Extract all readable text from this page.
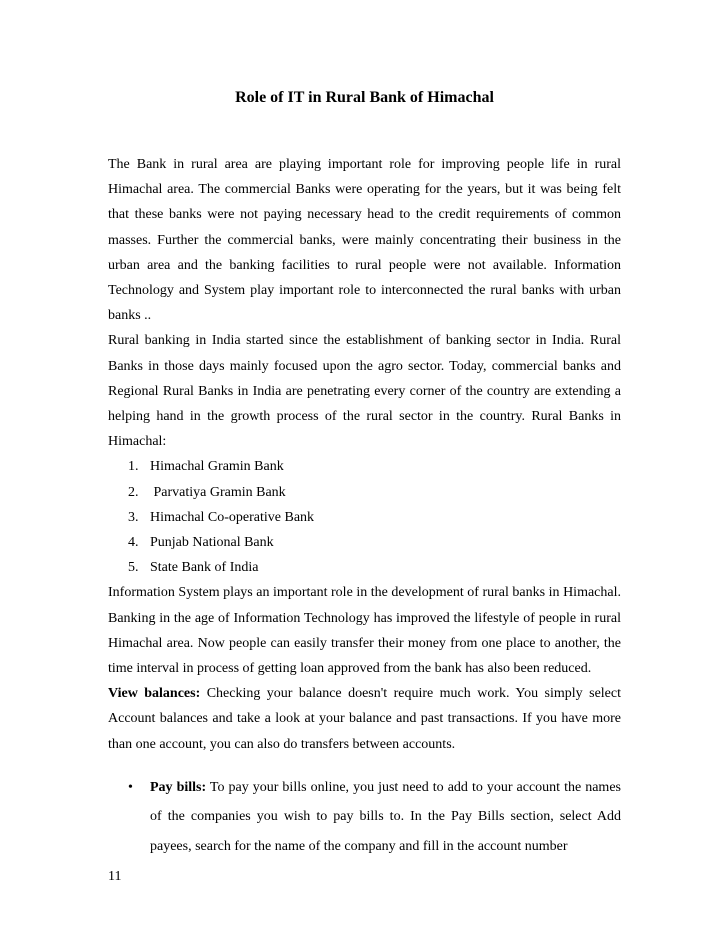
Role of IT in Rural Bank of Himachal

The Bank in rural area are playing important role for improving people life in rural Himachal area. The commercial Banks were operating for the years, but it was being felt that these banks were not paying necessary head to the credit requirements of common masses. Further the commercial banks, were mainly concentrating their business in the urban area and the banking facilities to rural people were not available. Information Technology and System play important role to interconnected the rural banks with urban banks ..

Rural banking in India started since the establishment of banking sector in India. Rural Banks in those days mainly focused upon the agro sector. Today, commercial banks and Regional Rural Banks in India are penetrating every corner of the country are extending a helping hand in the growth process of the rural sector in the country. Rural Banks in Himachal:

1. Himachal Gramin Bank
2. Parvatiya Gramin Bank
3. Himachal Co-operative Bank
4. Punjab National Bank
5. State Bank of India

Information System plays an important role in the development of rural banks in Himachal. Banking in the age of Information Technology has improved the lifestyle of people in rural Himachal area. Now people can easily transfer their money from one place to another, the time interval in process of getting loan approved from the bank has also been reduced.

View balances: Checking your balance doesn't require much work. You simply select Account balances and take a look at your balance and past transactions. If you have more than one account, you can also do transfers between accounts.

• Pay bills: To pay your bills online, you just need to add to your account the names of the companies you wish to pay bills to. In the Pay Bills section, select Add payees, search for the name of the company and fill in the account number
11
